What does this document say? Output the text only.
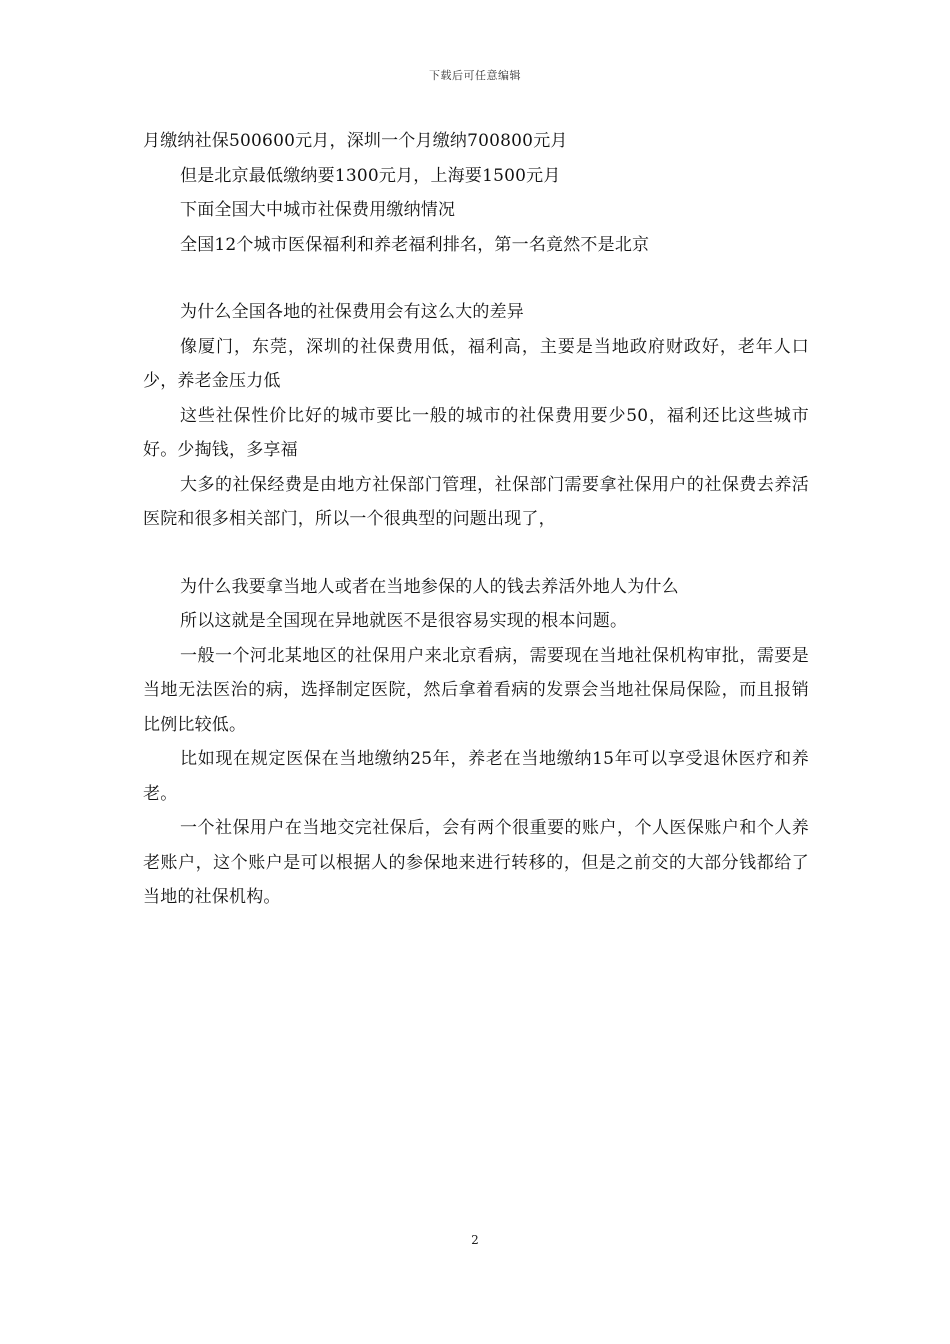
下载后可任意编辑

月缴纳社保500600元月，深圳一个月缴纳700800元月

但是北京最低缴纳要1300元月，上海要1500元月

下面全国大中城市社保费用缴纳情况

全国12个城市医保福利和养老福利排名，第一名竟然不是北京

为什么全国各地的社保费用会有这么大的差异

像厦门，东莞，深圳的社保费用低，福利高，主要是当地政府财政好，老年人口少，养老金压力低

这些社保性价比好的城市要比一般的城市的社保费用要少50，福利还比这些城市好。少掏钱，多享福

大多的社保经费是由地方社保部门管理，社保部门需要拿社保用户的社保费去养活医院和很多相关部门，所以一个很典型的问题出现了，

为什么我要拿当地人或者在当地参保的人的钱去养活外地人为什么

所以这就是全国现在异地就医不是很容易实现的根本问题。

一般一个河北某地区的社保用户来北京看病，需要现在当地社保机构审批，需要是当地无法医治的病，选择制定医院，然后拿着看病的发票会当地社保局保险，而且报销比例比较低。

比如现在规定医保在当地缴纳25年，养老在当地缴纳15年可以享受退休医疗和养老。

一个社保用户在当地交完社保后，会有两个很重要的账户，个人医保账户和个人养老账户，这个账户是可以根据人的参保地来进行转移的，但是之前交的大部分钱都给了当地的社保机构。

2
